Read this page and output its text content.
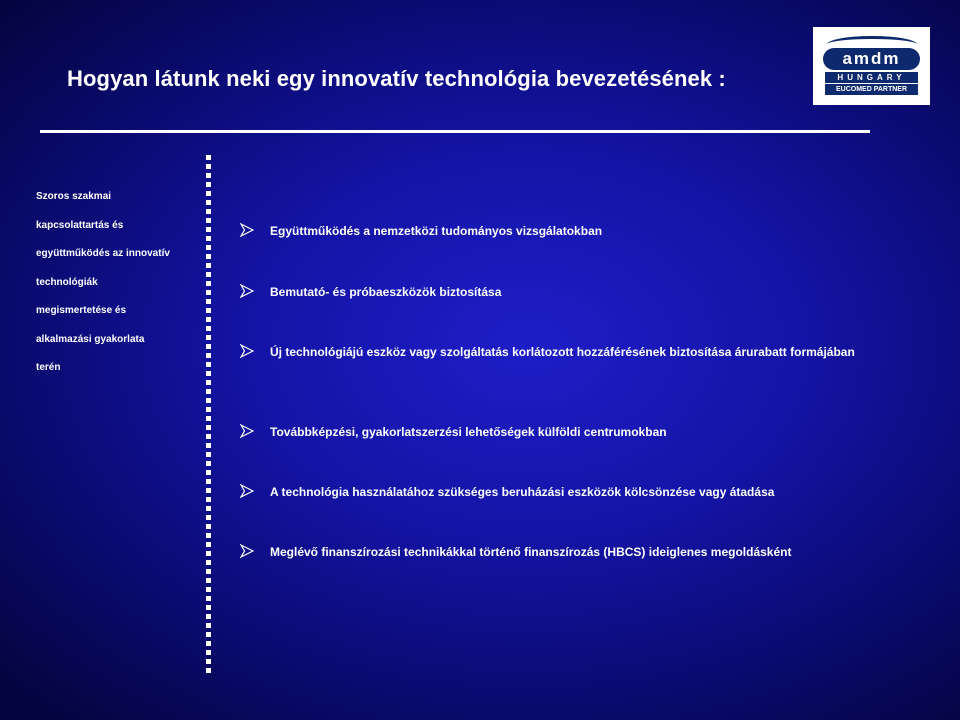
Hogyan látunk neki egy innovatív technológia bevezetésének :
amdm
HUNGARY
EUCOMED PARTNER
Szoros szakmai
kapcsolattartás és
együttműködés az innovatív
technológiák
megismertetése és
alkalmazási gyakorlata
terén
Együttműködés a nemzetközi tudományos vizsgálatokban
Bemutató- és próbaeszközök biztosítása
Új technológiájú eszköz vagy szolgáltatás korlátozott hozzáférésének biztosítása árurabatt formájában
Továbbképzési, gyakorlatszerzési lehetőségek külföldi centrumokban
A technológia használatához szükséges beruházási eszközök kölcsönzése vagy átadása
Meglévő finanszírozási technikákkal történő finanszírozás (HBCS) ideiglenes megoldásként
